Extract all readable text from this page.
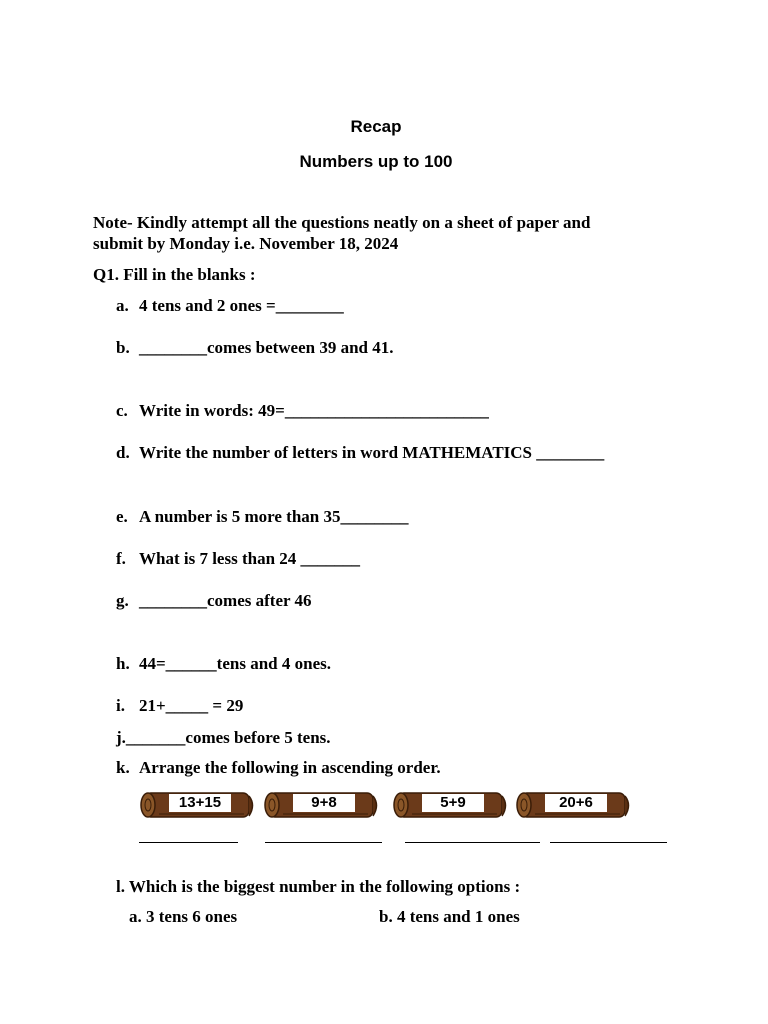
Recap
Numbers up to 100
Note- Kindly attempt all the questions neatly on a sheet of paper and
submit by Monday i.e. November 18, 2024
Q1. Fill in the blanks :
a. 4 tens and 2 ones =________
b. ________comes between 39 and 41.
c. Write in words: 49=________________________
d. Write the number of letters in word MATHEMATICS ________
e. A number is 5 more than 35________
f. What is 7 less than 24 _______
g. ________comes after 46
h. 44=______tens and 4 ones.
i. 21+_____ = 29
j._______comes before 5 tens.
k. Arrange the following in ascending order.
13+15	9+8	5+9	20+6
l. Which is the biggest number in the following options :
a. 3 tens 6 ones	b. 4 tens and 1 ones
